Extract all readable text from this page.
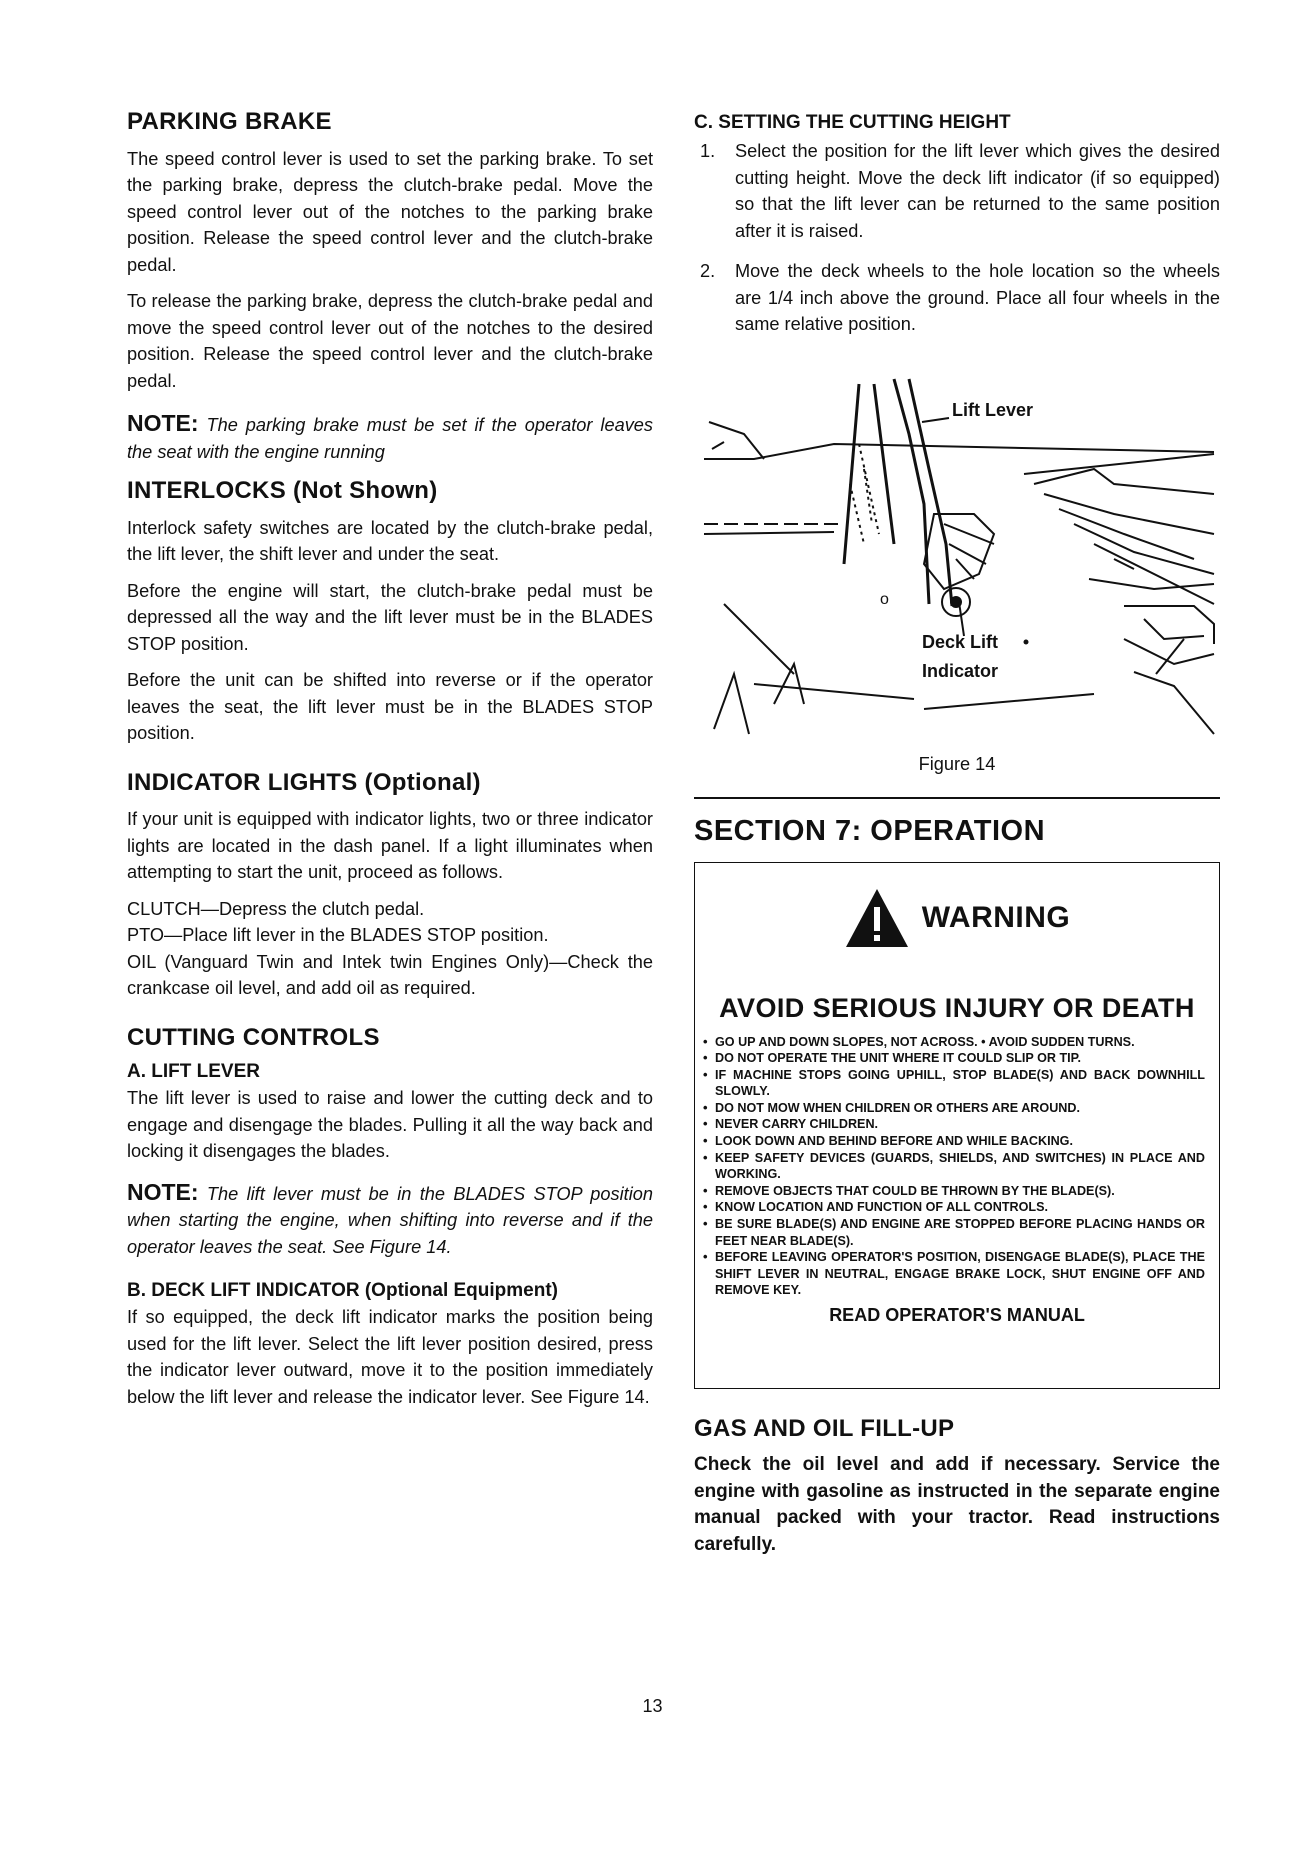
PARKING BRAKE

The speed control lever is used to set the parking brake. To set the parking brake, depress the clutch-brake pedal. Move the speed control lever out of the notches to the parking brake position. Release the speed control lever and the clutch-brake pedal.

To release the parking brake, depress the clutch-brake pedal and move the speed control lever out of the notches to the desired position. Release the speed control lever and the clutch-brake pedal.

NOTE: The parking brake must be set if the operator leaves the seat with the engine running
INTERLOCKS (Not Shown)

Interlock safety switches are located by the clutch-brake pedal, the lift lever, the shift lever and under the seat.

Before the engine will start, the clutch-brake pedal must be depressed all the way and the lift lever must be in the BLADES STOP position.

Before the unit can be shifted into reverse or if the operator leaves the seat, the lift lever must be in the BLADES STOP position.

INDICATOR LIGHTS (Optional)

If your unit is equipped with indicator lights, two or three indicator lights are located in the dash panel. If a light illuminates when attempting to start the unit, proceed as follows.

CLUTCH—Depress the clutch pedal.

PTO—Place lift lever in the BLADES STOP position.

OIL (Vanguard Twin and Intek twin Engines Only)—Check the crankcase oil level, and add oil as required.

CUTTING CONTROLS
A. LIFT LEVER

The lift lever is used to raise and lower the cutting deck and to engage and disengage the blades. Pulling it all the way back and locking it disengages the blades.

NOTE: The lift lever must be in the BLADES STOP position when starting the engine, when shifting into reverse and if the operator leaves the seat. See Figure 14.
B. DECK LIFT INDICATOR (Optional Equipment)

If so equipped, the deck lift indicator marks the position being used for the lift lever. Select the lift lever position desired, press the indicator lever outward, move it to the position immediately below the lift lever and release the indicator lever. See Figure 14.

C. SETTING THE CUTTING HEIGHT
1. Select the position for the lift lever which gives the desired cutting height. Move the deck lift indicator (if so equipped) so that the lift lever can be returned to the same position after it is raised.
2. Move the deck wheels to the hole location so the wheels are 1/4 inch above the ground. Place all four wheels in the same relative position.
o
Lift Lever
Deck Lift
Indicator
Figure 14
SECTION 7: OPERATION
WARNING
AVOID SERIOUS INJURY OR DEATH
• GO UP AND DOWN SLOPES, NOT ACROSS. • AVOID SUDDEN TURNS.
• DO NOT OPERATE THE UNIT WHERE IT COULD SLIP OR TIP.
• IF MACHINE STOPS GOING UPHILL, STOP BLADE(S) AND BACK DOWNHILL SLOWLY.
• DO NOT MOW WHEN CHILDREN OR OTHERS ARE AROUND.
• NEVER CARRY CHILDREN.
• LOOK DOWN AND BEHIND BEFORE AND WHILE BACKING.
• KEEP SAFETY DEVICES (GUARDS, SHIELDS, AND SWITCHES) IN PLACE AND WORKING.
• REMOVE OBJECTS THAT COULD BE THROWN BY THE BLADE(S).
• KNOW LOCATION AND FUNCTION OF ALL CONTROLS.
• BE SURE BLADE(S) AND ENGINE ARE STOPPED BEFORE PLACING HANDS OR FEET NEAR BLADE(S).
• BEFORE LEAVING OPERATOR'S POSITION, DISENGAGE BLADE(S), PLACE THE SHIFT LEVER IN NEUTRAL, ENGAGE BRAKE LOCK, SHUT ENGINE OFF AND REMOVE KEY.
READ OPERATOR'S MANUAL
GAS AND OIL FILL-UP

Check the oil level and add if necessary. Service the engine with gasoline as instructed in the separate engine manual packed with your tractor. Read instructions carefully.

13
